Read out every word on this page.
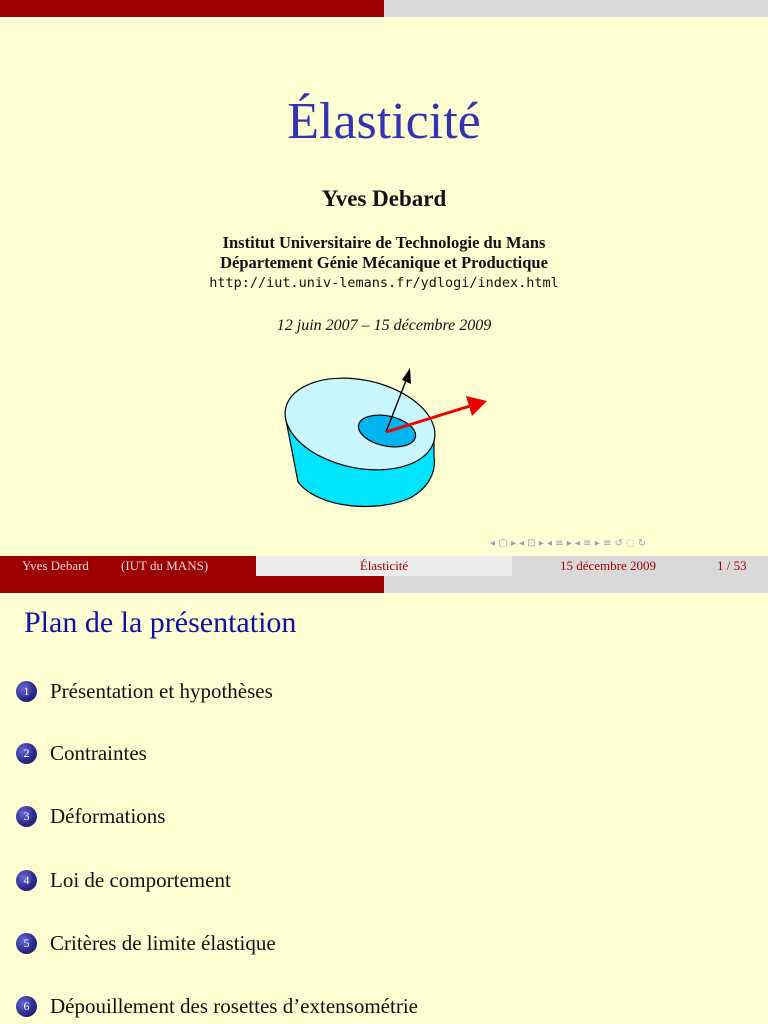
Élasticité
Yves Debard
Institut Universitaire de Technologie du Mans
Département Génie Mécanique et Productique
http://iut.univ-lemans.fr/ydlogi/index.html
12 juin 2007 – 15 décembre 2009
◂ ▢ ▸ ◂ ⊡ ▸ ◂ ≡ ▸ ◂ ≡ ▸ ≡ ↺ ◌ ↻
Yves Debard (IUT du MANS)	Élasticité	15 décembre 2009	1 / 53
Plan de la présentation
1 Présentation et hypothèses
2 Contraintes
3 Déformations
4 Loi de comportement
5 Critères de limite élastique
6 Dépouillement des rosettes d’extensométrie
